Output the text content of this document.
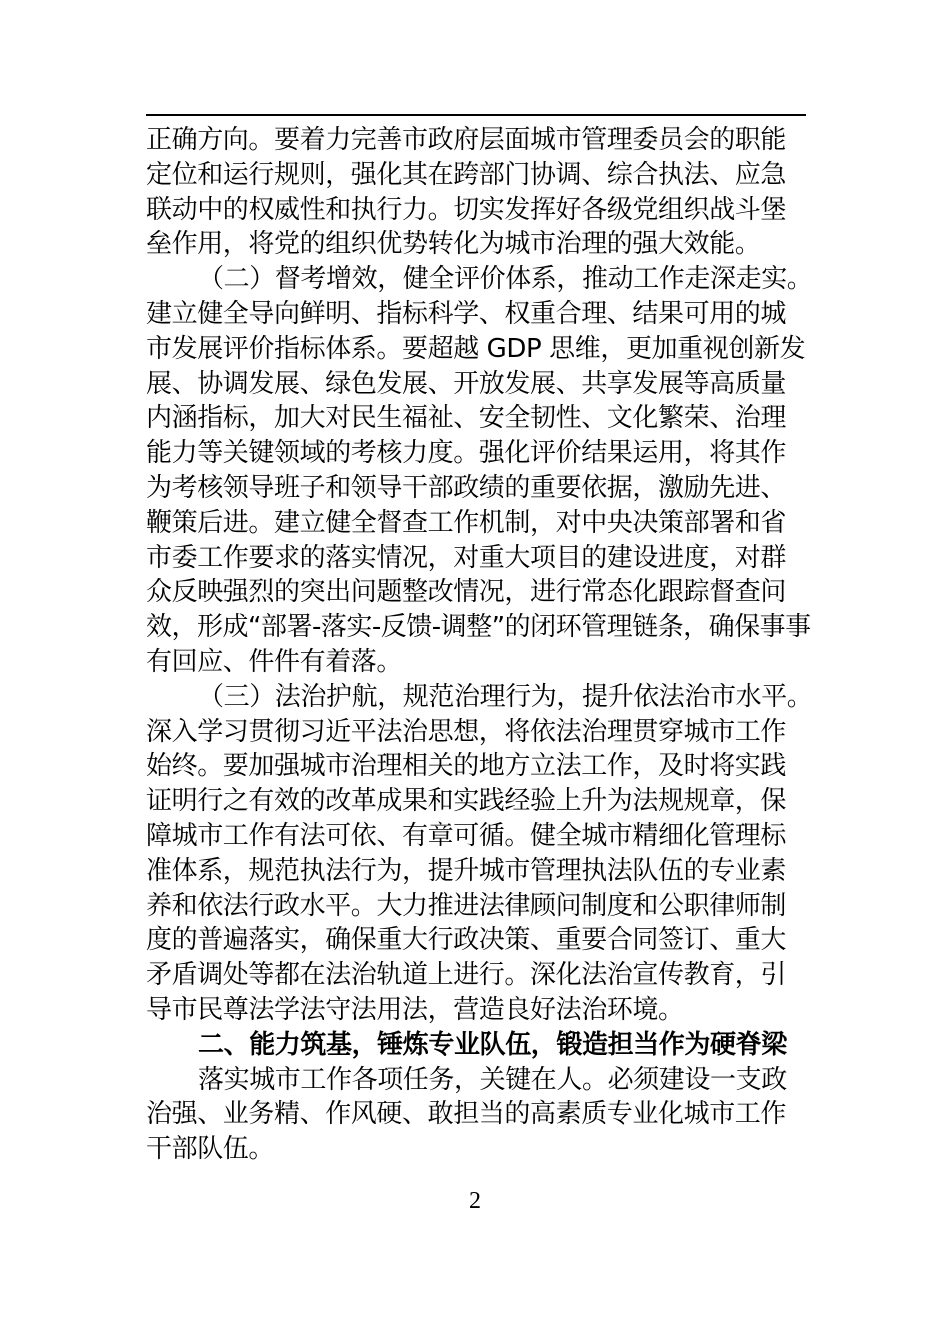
正确方向。要着力完善市政府层面城市管理委员会的职能
定位和运行规则，强化其在跨部门协调、综合执法、应急
联动中的权威性和执行力。切实发挥好各级党组织战斗堡
垒作用，将党的组织优势转化为城市治理的强大效能。
（二）督考增效，健全评价体系，推动工作走深走实。
建立健全导向鲜明、指标科学、权重合理、结果可用的城
市发展评价指标体系。要超越 GDP 思维，更加重视创新发
展、协调发展、绿色发展、开放发展、共享发展等高质量
内涵指标，加大对民生福祉、安全韧性、文化繁荣、治理
能力等关键领域的考核力度。强化评价结果运用，将其作
为考核领导班子和领导干部政绩的重要依据，激励先进、
鞭策后进。建立健全督查工作机制，对中央决策部署和省
市委工作要求的落实情况，对重大项目的建设进度，对群
众反映强烈的突出问题整改情况，进行常态化跟踪督查问
效，形成“部署-落实-反馈-调整”的闭环管理链条，确保事事
有回应、件件有着落。
（三）法治护航，规范治理行为，提升依法治市水平。
深入学习贯彻习近平法治思想，将依法治理贯穿城市工作
始终。要加强城市治理相关的地方立法工作，及时将实践
证明行之有效的改革成果和实践经验上升为法规规章，保
障城市工作有法可依、有章可循。健全城市精细化管理标
准体系，规范执法行为，提升城市管理执法队伍的专业素
养和依法行政水平。大力推进法律顾问制度和公职律师制
度的普遍落实，确保重大行政决策、重要合同签订、重大
矛盾调处等都在法治轨道上进行。深化法治宣传教育，引
导市民尊法学法守法用法，营造良好法治环境。
二、能力筑基，锤炼专业队伍，锻造担当作为硬脊梁
落实城市工作各项任务，关键在人。必须建设一支政
治强、业务精、作风硬、敢担当的高素质专业化城市工作
干部队伍。
2
